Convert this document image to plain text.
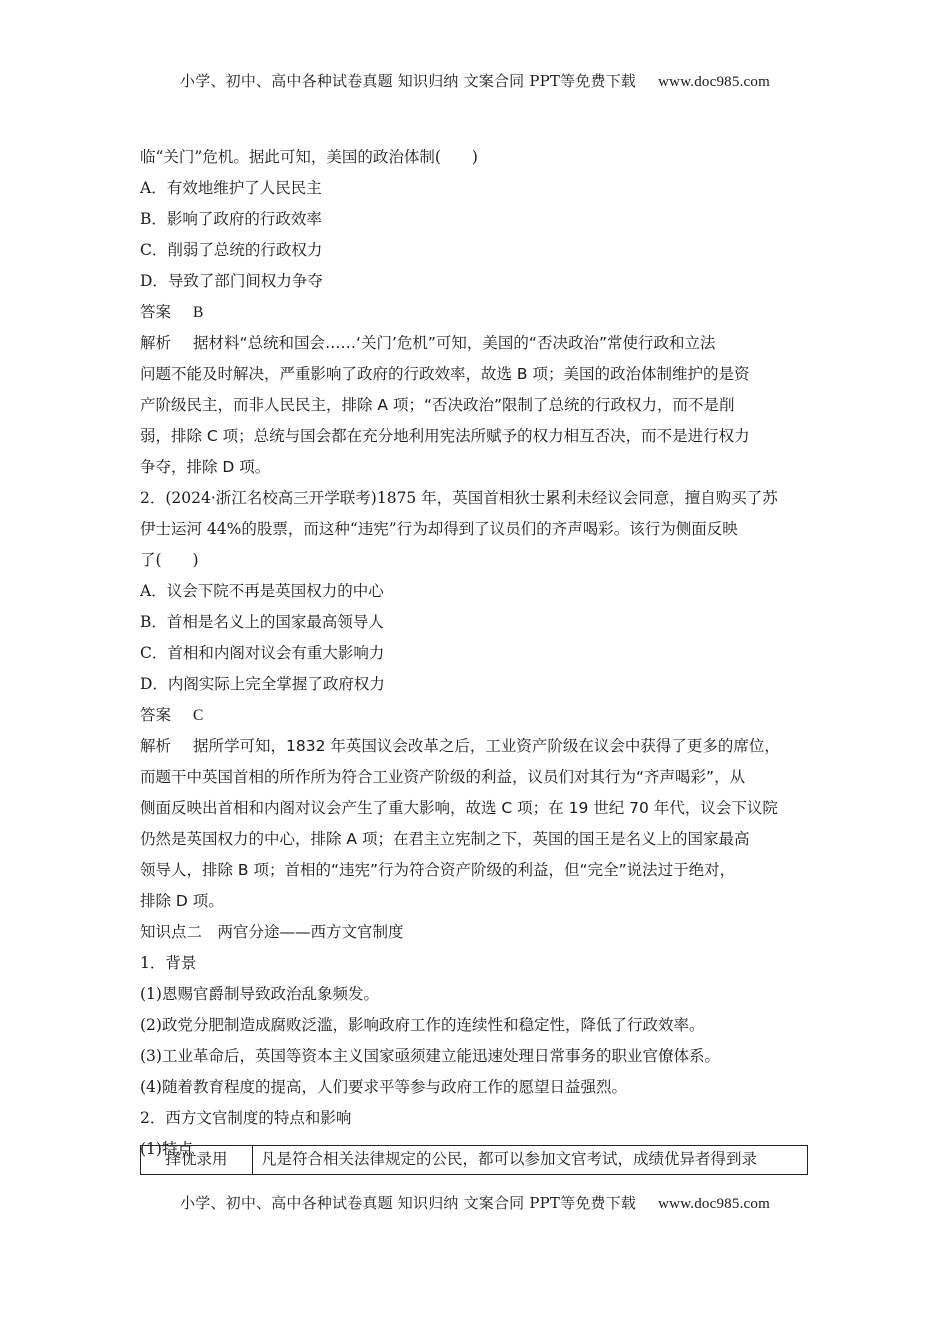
小学、初中、高中各种试卷真题 知识归纳 文案合同 PPT等免费下载 www.doc985.com
临“关门”危机。据此可知，美国的政治体制(　　)
A．有效地维护了人民民主
B．影响了政府的行政效率
C．削弱了总统的行政权力
D．导致了部门间权力争夺
答案 B
解析 据材料“总统和国会……‘关门’危机”可知，美国的“否决政治”常使行政和立法
问题不能及时解决，严重影响了政府的行政效率，故选 B 项；美国的政治体制维护的是资
产阶级民主，而非人民民主，排除 A 项；“否决政治”限制了总统的行政权力，而不是削
弱，排除 C 项；总统与国会都在充分地利用宪法所赋予的权力相互否决，而不是进行权力
争夺，排除 D 项。
2．(2024·浙江名校高三开学联考)1875 年，英国首相狄士累利未经议会同意，擅自购买了苏
伊士运河 44%的股票，而这种“违宪”行为却得到了议员们的齐声喝彩。该行为侧面反映
了(　　)
A．议会下院不再是英国权力的中心
B．首相是名义上的国家最高领导人
C．首相和内阁对议会有重大影响力
D．内阁实际上完全掌握了政府权力
答案 C
解析 据所学可知，1832 年英国议会改革之后，工业资产阶级在议会中获得了更多的席位，
而题干中英国首相的所作所为符合工业资产阶级的利益，议员们对其行为“齐声喝彩”，从
侧面反映出首相和内阁对议会产生了重大影响，故选 C 项；在 19 世纪 70 年代，议会下议院
仍然是英国权力的中心，排除 A 项；在君主立宪制之下，英国的国王是名义上的国家最高
领导人，排除 B 项；首相的“违宪”行为符合资产阶级的利益，但“完全”说法过于绝对，
排除 D 项。
知识点二　两官分途——西方文官制度
1．背景
(1)恩赐官爵制导致政治乱象频发。
(2)政党分肥制造成腐败泛滥，影响政府工作的连续性和稳定性，降低了行政效率。
(3)工业革命后，英国等资本主义国家亟须建立能迅速处理日常事务的职业官僚体系。
(4)随着教育程度的提高，人们要求平等参与政府工作的愿望日益强烈。
2．西方文官制度的特点和影响
(1)特点
择优录用	凡是符合相关法律规定的公民，都可以参加文官考试，成绩优异者得到录
小学、初中、高中各种试卷真题 知识归纳 文案合同 PPT等免费下载 www.doc985.com
